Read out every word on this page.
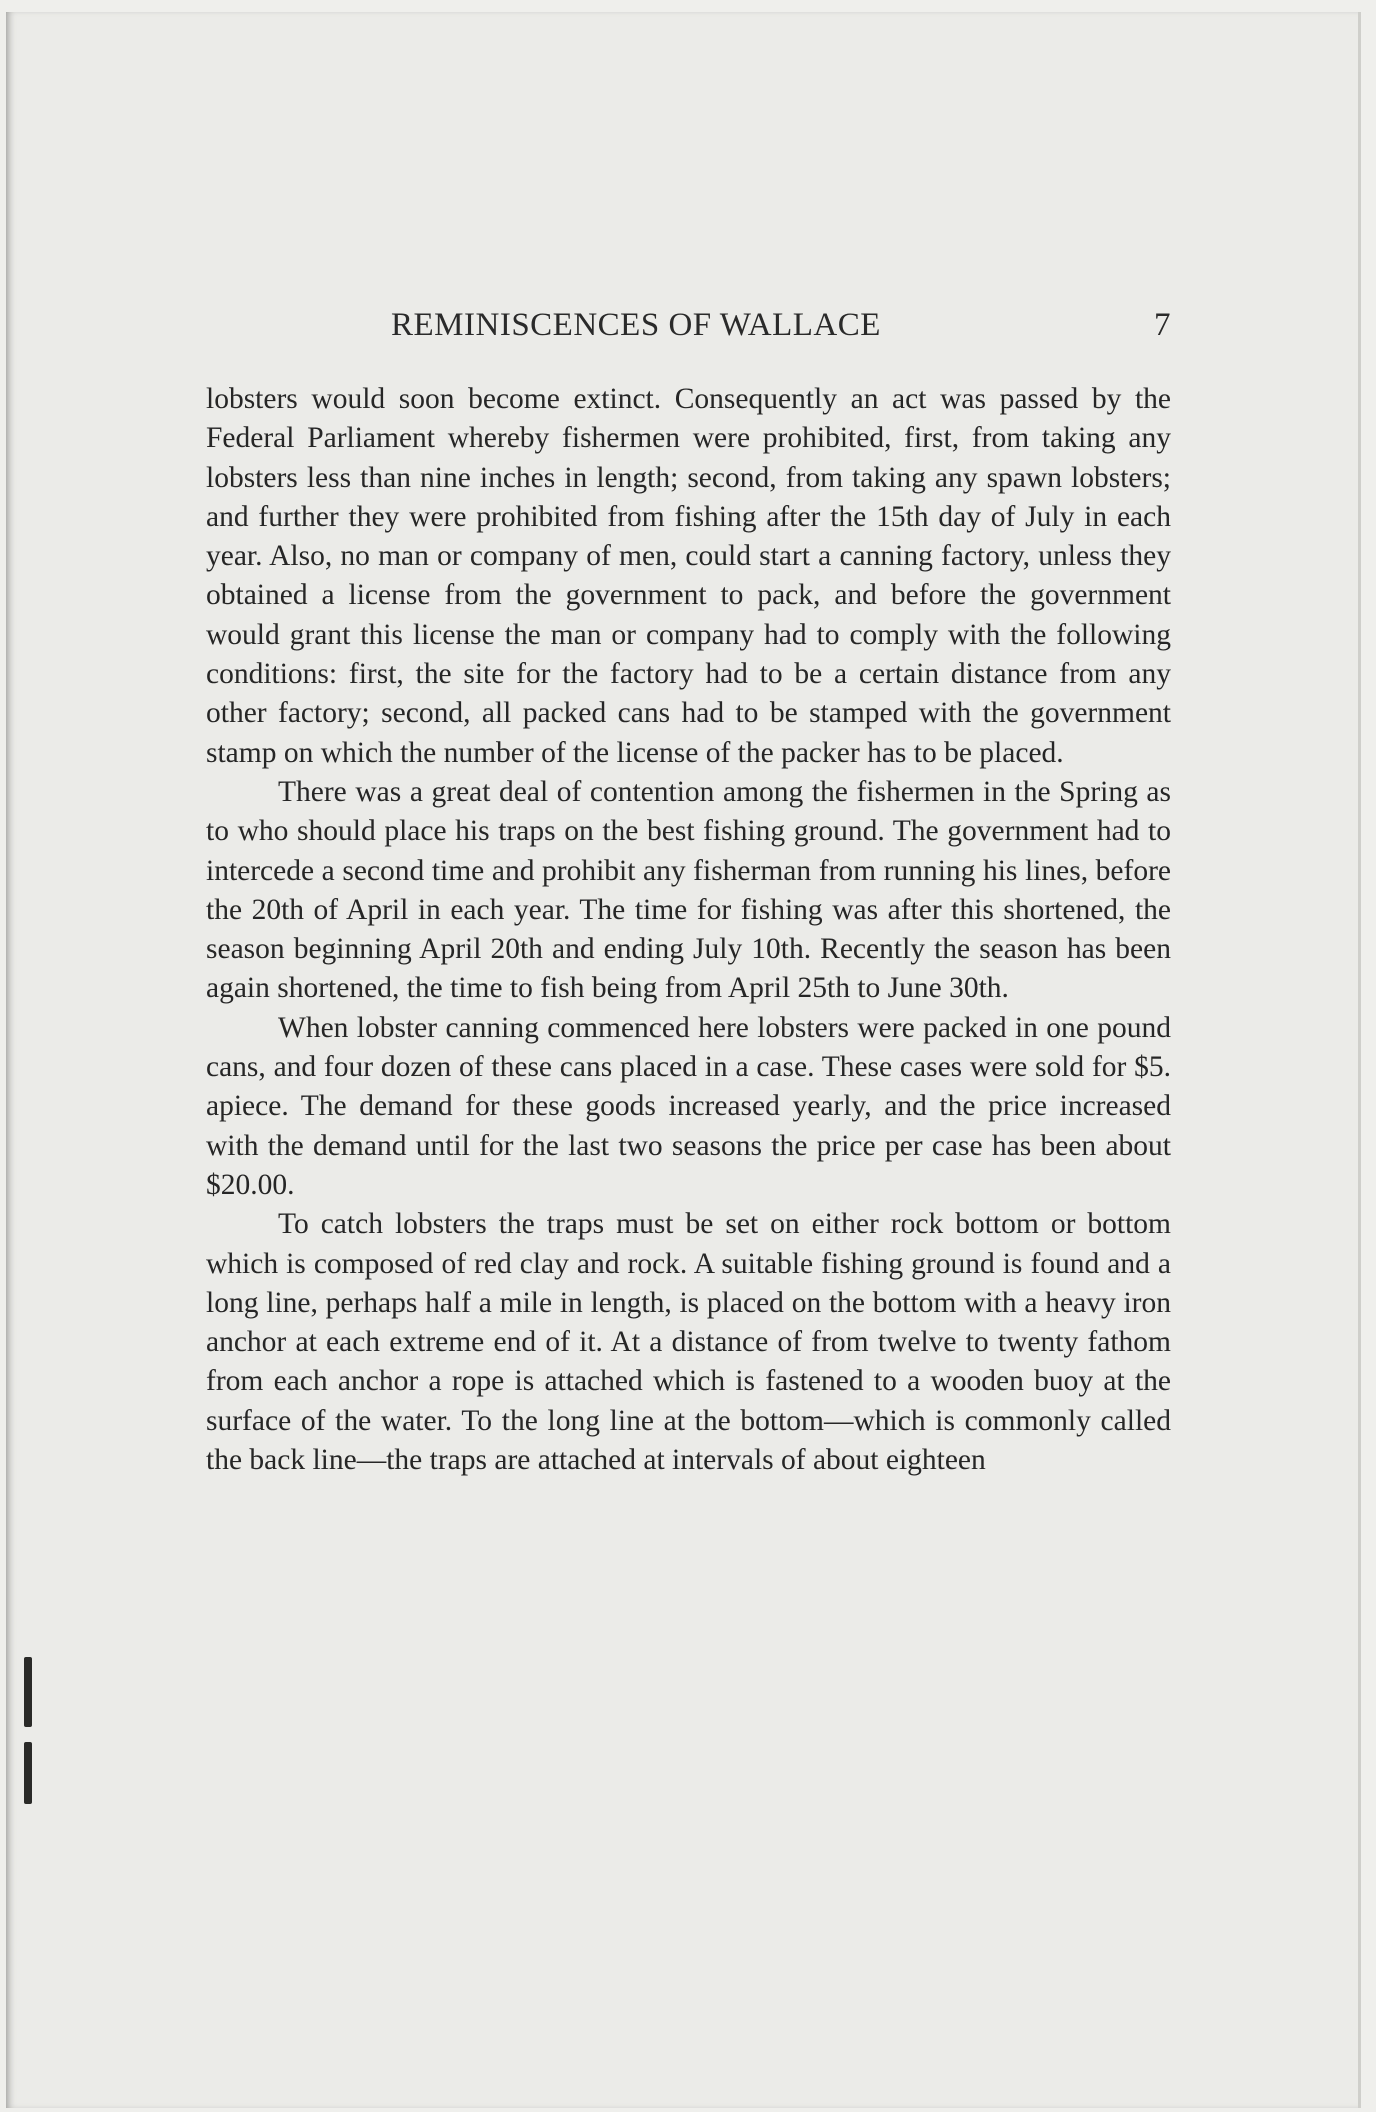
REMINISCENCES OF WALLACE	7

lobsters would soon become extinct. Consequently an act was passed by the Federal Parliament whereby fishermen were prohibited, first, from taking any lobsters less than nine inches in length; second, from taking any spawn lobsters; and further they were prohibited from fishing after the 15th day of July in each year. Also, no man or company of men, could start a canning factory, unless they obtained a license from the government to pack, and before the government would grant this license the man or company had to comply with the following conditions: first, the site for the factory had to be a certain distance from any other factory; second, all packed cans had to be stamped with the government stamp on which the number of the license of the packer has to be placed.

There was a great deal of contention among the fishermen in the Spring as to who should place his traps on the best fishing ground. The government had to intercede a second time and prohibit any fisherman from running his lines, before the 20th of April in each year. The time for fishing was after this shortened, the season beginning April 20th and ending July 10th. Recently the season has been again shortened, the time to fish being from April 25th to June 30th.

When lobster canning commenced here lobsters were packed in one pound cans, and four dozen of these cans placed in a case. These cases were sold for $5. apiece. The demand for these goods increased yearly, and the price increased with the demand until for the last two seasons the price per case has been about $20.00.

To catch lobsters the traps must be set on either rock bottom or bottom which is composed of red clay and rock. A suitable fishing ground is found and a long line, perhaps half a mile in length, is placed on the bottom with a heavy iron anchor at each extreme end of it. At a distance of from twelve to twenty fathom from each anchor a rope is attached which is fastened to a wooden buoy at the surface of the water. To the long line at the bottom—which is commonly called the back line—the traps are attached at intervals of about eighteen
